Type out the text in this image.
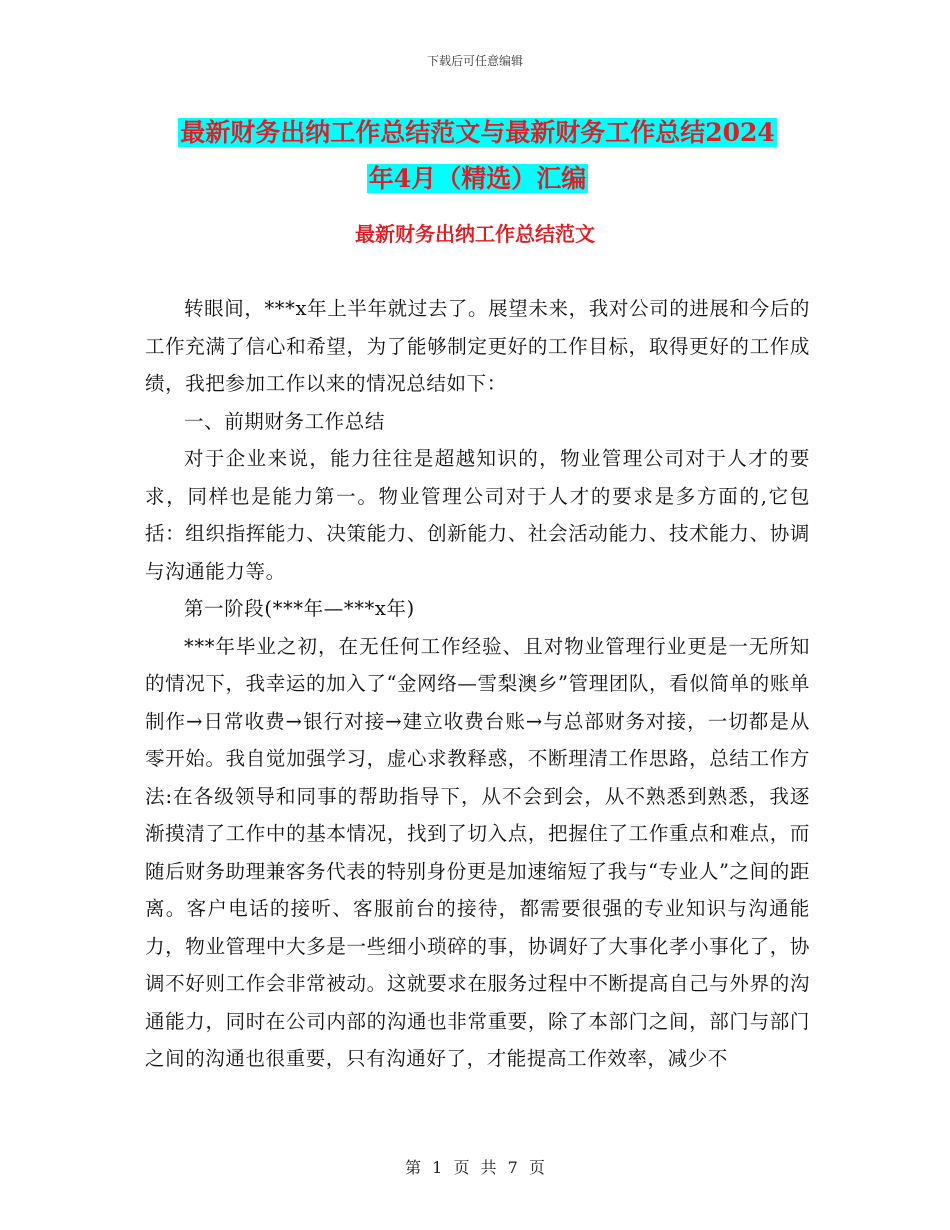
下载后可任意编辑
最新财务出纳工作总结范文与最新财务工作总结2024
年4月（精选）汇编
最新财务出纳工作总结范文

转眼间，***x年上半年就过去了。展望未来，我对公司的进展和今后的工作充满了信心和希望，为了能够制定更好的工作目标，取得更好的工作成绩，我把参加工作以来的情况总结如下：

一、前期财务工作总结

对于企业来说，能力往往是超越知识的，物业管理公司对于人才的要求，同样也是能力第一。物业管理公司对于人才的要求是多方面的,它包括：组织指挥能力、决策能力、创新能力、社会活动能力、技术能力、协调与沟通能力等。

第一阶段(***年—***x年)

***年毕业之初，在无任何工作经验、且对物业管理行业更是一无所知的情况下，我幸运的加入了“金网络—雪梨澳乡”管理团队，看似简单的账单制作→日常收费→银行对接→建立收费台账→与总部财务对接，一切都是从零开始。我自觉加强学习，虚心求教释惑，不断理清工作思路，总结工作方法:在各级领导和同事的帮助指导下，从不会到会，从不熟悉到熟悉，我逐渐摸清了工作中的基本情况，找到了切入点，把握住了工作重点和难点，而随后财务助理兼客务代表的特别身份更是加速缩短了我与“专业人”之间的距离。客户电话的接听、客服前台的接待，都需要很强的专业知识与沟通能力，物业管理中大多是一些细小琐碎的事，协调好了大事化孝小事化了，协调不好则工作会非常被动。这就要求在服务过程中不断提高自己与外界的沟通能力，同时在公司内部的沟通也非常重要，除了本部门之间，部门与部门之间的沟通也很重要，只有沟通好了，才能提高工作效率，减少不

第 1 页 共 7 页
